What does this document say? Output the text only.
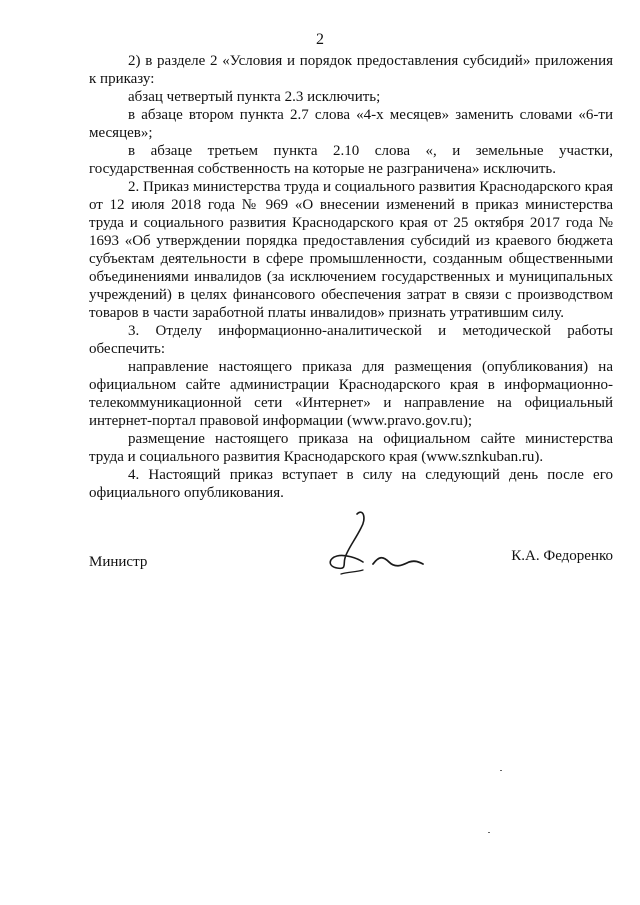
2

2) в разделе 2 «Условия и порядок предоставления субсидий» приложения к приказу:

абзац четвертый пункта 2.3 исключить;

в абзаце втором пункта 2.7 слова «4-х месяцев» заменить словами «6-ти месяцев»;

в абзаце третьем пункта 2.10 слова «, и земельные участки, государственная собственность на которые не разграничена» исключить.

2. Приказ министерства труда и социального развития Краснодарского края от 12 июля 2018 года № 969 «О внесении изменений в приказ министерства труда и социального развития Краснодарского края от 25 октября 2017 года № 1693 «Об утверждении порядка предоставления субсидий из краевого бюджета субъектам деятельности в сфере промышленности, созданным общественными объединениями инвалидов (за исключением государственных и муниципальных учреждений) в целях финансового обеспечения затрат в связи с производством товаров в части заработной платы инвалидов» признать утратившим силу.

3. Отделу информационно-аналитической и методической работы обеспечить:

направление настоящего приказа для размещения (опубликования) на официальном сайте администрации Краснодарского края в информационно-телекоммуникационной сети «Интернет» и направление на официальный интернет-портал правовой информации (www.pravo.gov.ru);

размещение настоящего приказа на официальном сайте министерства труда и социального развития Краснодарского края (www.sznkuban.ru).

4. Настоящий приказ вступает в силу на следующий день после его официального опубликования.

Министр	К.А. Федоренко
